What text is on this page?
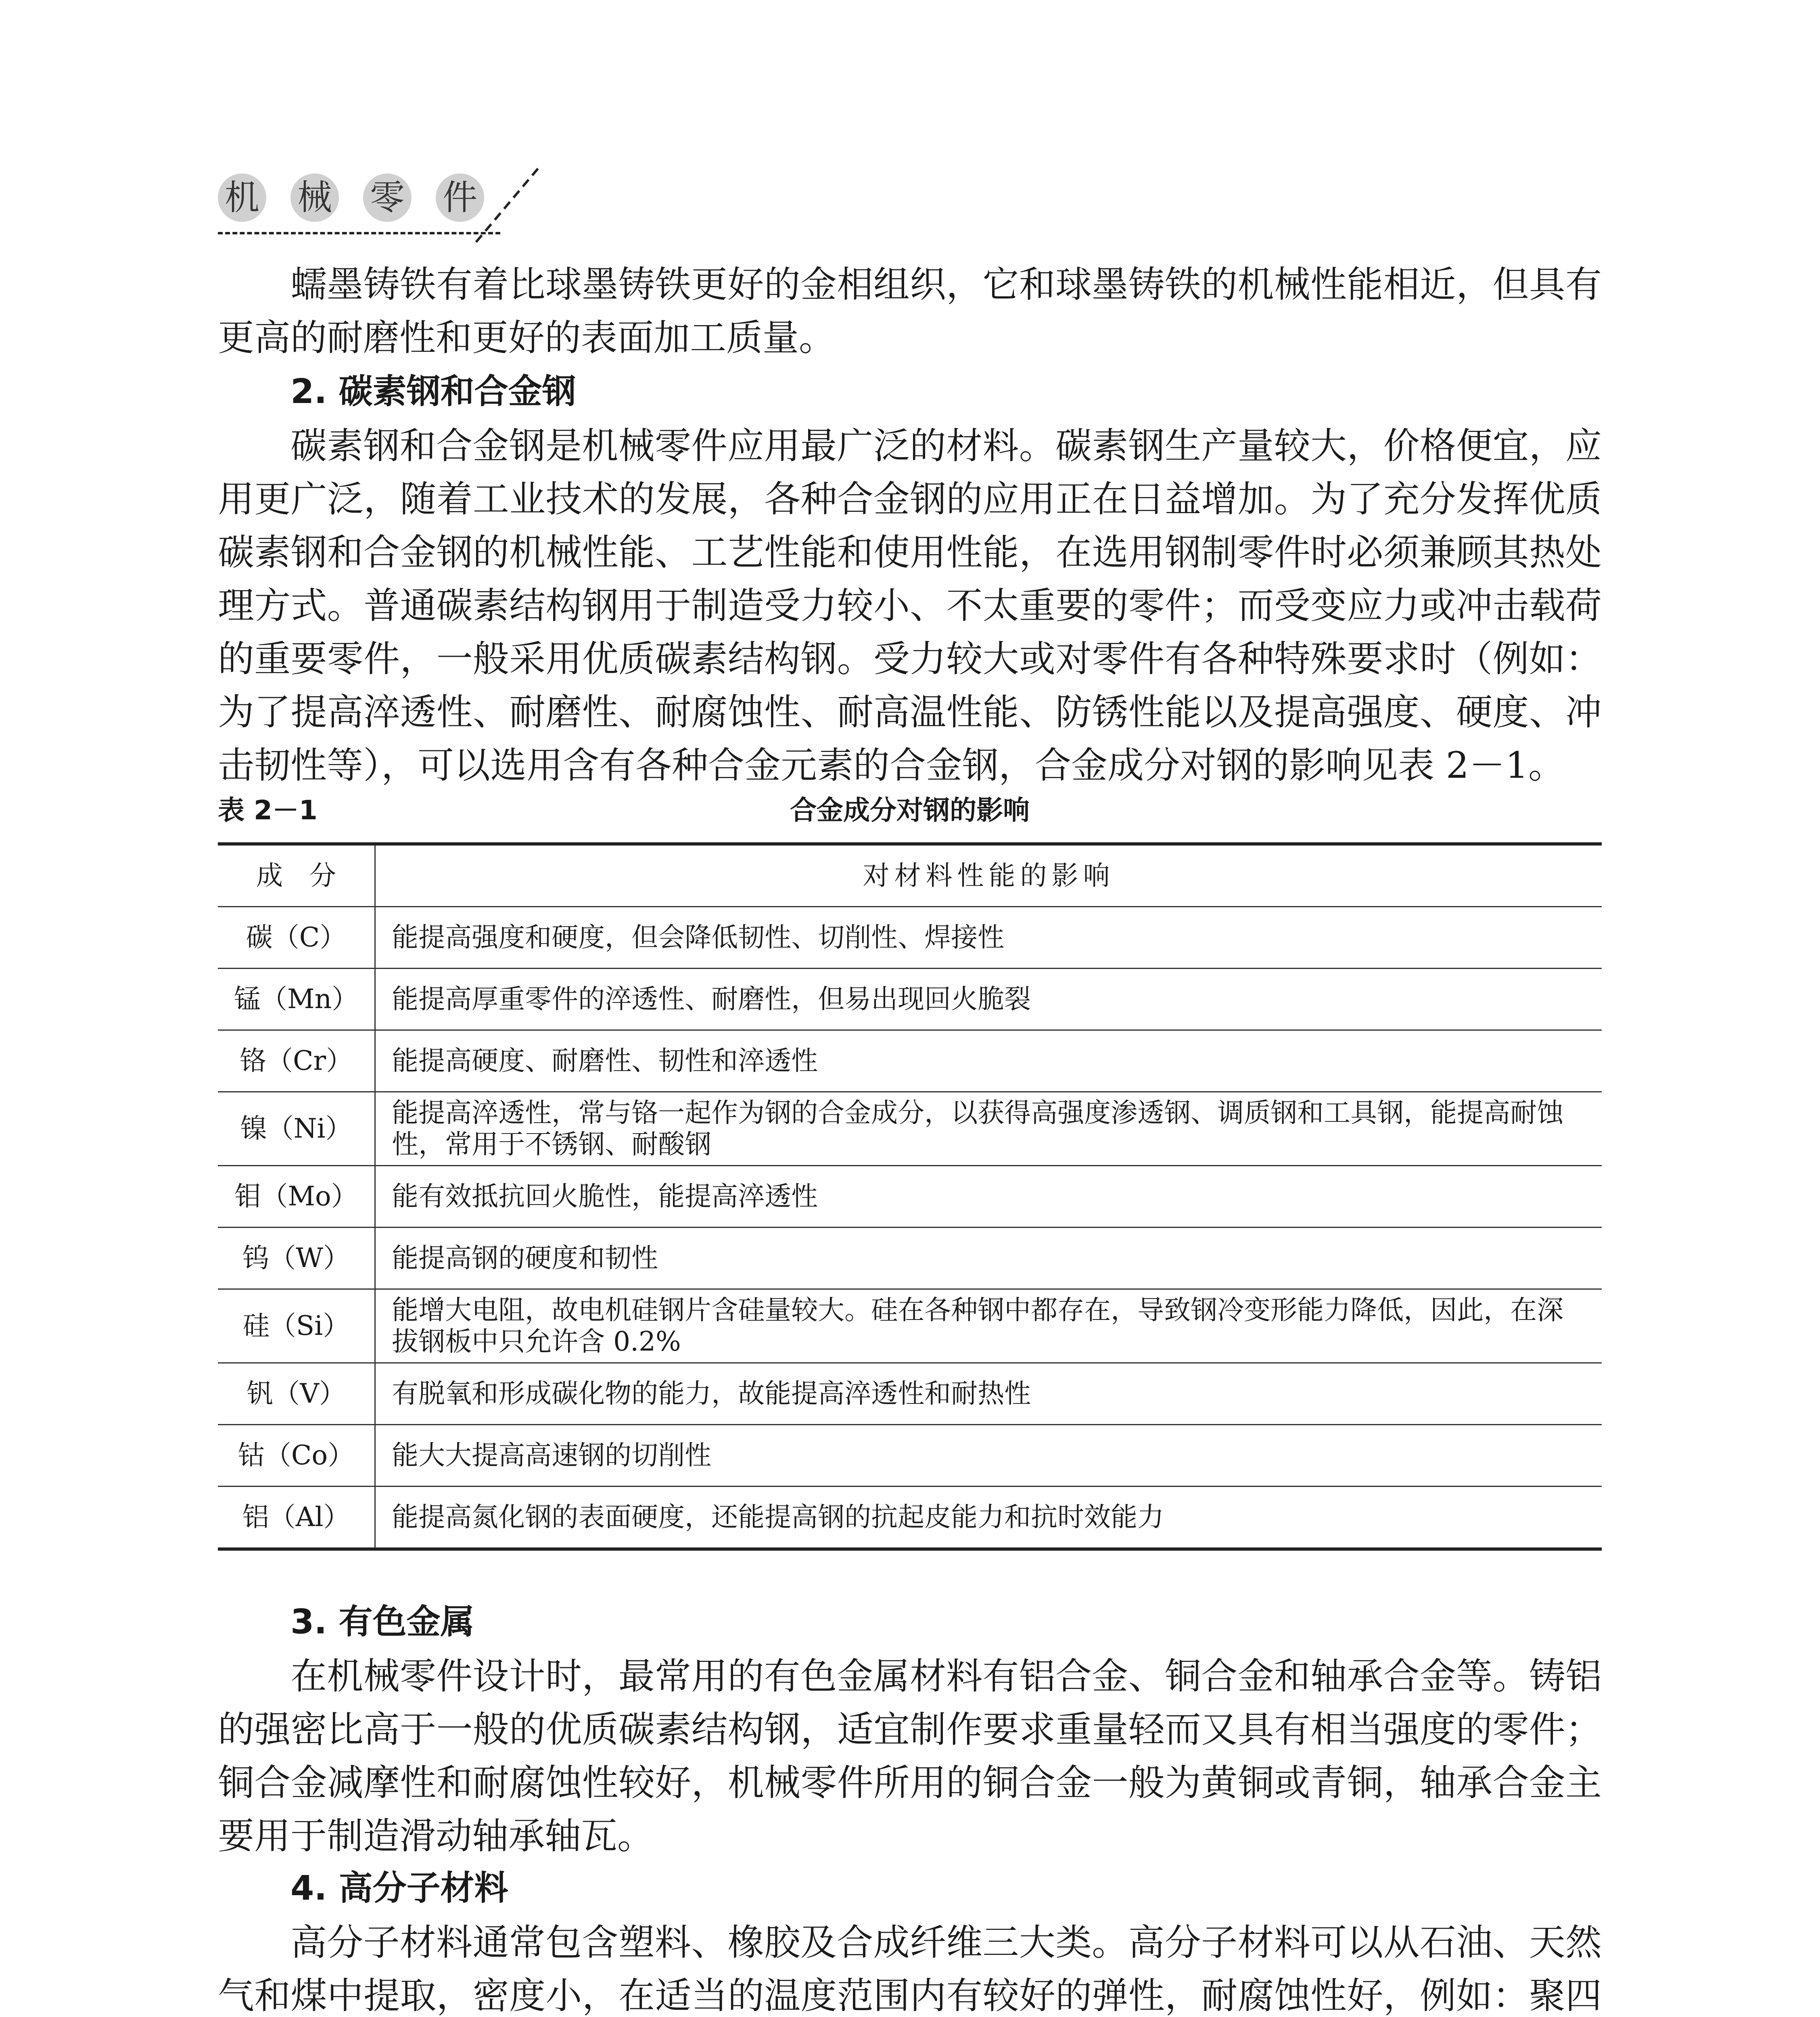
机 械 零 件
蠕墨铸铁有着比球墨铸铁更好的金相组织，它和球墨铸铁的机械性能相近，但具有更高的耐磨性和更好的表面加工质量。
2. 碳素钢和合金钢
碳素钢和合金钢是机械零件应用最广泛的材料。碳素钢生产量较大，价格便宜，应用更广泛，随着工业技术的发展，各种合金钢的应用正在日益增加。为了充分发挥优质碳素钢和合金钢的机械性能、工艺性能和使用性能，在选用钢制零件时必须兼顾其热处理方式。普通碳素结构钢用于制造受力较小、不太重要的零件；而受变应力或冲击载荷的重要零件，一般采用优质碳素结构钢。受力较大或对零件有各种特殊要求时（例如：为了提高淬透性、耐磨性、耐腐蚀性、耐高温性能、防锈性能以及提高强度、硬度、冲击韧性等），可以选用含有各种合金元素的合金钢，合金成分对钢的影响见表 2－1。
表 2－1	合金成分对钢的影响
成　分	对材料性能的影响
碳（C）	能提高强度和硬度，但会降低韧性、切削性、焊接性
锰（Mn）	能提高厚重零件的淬透性、耐磨性，但易出现回火脆裂
铬（Cr）	能提高硬度、耐磨性、韧性和淬透性
镍（Ni）	能提高淬透性，常与铬一起作为钢的合金成分，以获得高强度渗透钢、调质钢和工具钢，能提高耐蚀性，常用于不锈钢、耐酸钢
钼（Mo）	能有效抵抗回火脆性，能提高淬透性
钨（W）	能提高钢的硬度和韧性
硅（Si）	能增大电阻，故电机硅钢片含硅量较大。硅在各种钢中都存在，导致钢冷变形能力降低，因此，在深拔钢板中只允许含 0.2%
钒（V）	有脱氧和形成碳化物的能力，故能提高淬透性和耐热性
钴（Co）	能大大提高高速钢的切削性
铝（Al）	能提高氮化钢的表面硬度，还能提高钢的抗起皮能力和抗时效能力
3. 有色金属
在机械零件设计时，最常用的有色金属材料有铝合金、铜合金和轴承合金等。铸铝的强密比高于一般的优质碳素结构钢，适宜制作要求重量轻而又具有相当强度的零件；铜合金减摩性和耐腐蚀性较好，机械零件所用的铜合金一般为黄铜或青铜，轴承合金主要用于制造滑动轴承轴瓦。
4. 高分子材料
高分子材料通常包含塑料、橡胶及合成纤维三大类。高分子材料可以从石油、天然气和煤中提取，密度小，在适当的温度范围内有较好的弹性，耐腐蚀性好，例如：聚四
